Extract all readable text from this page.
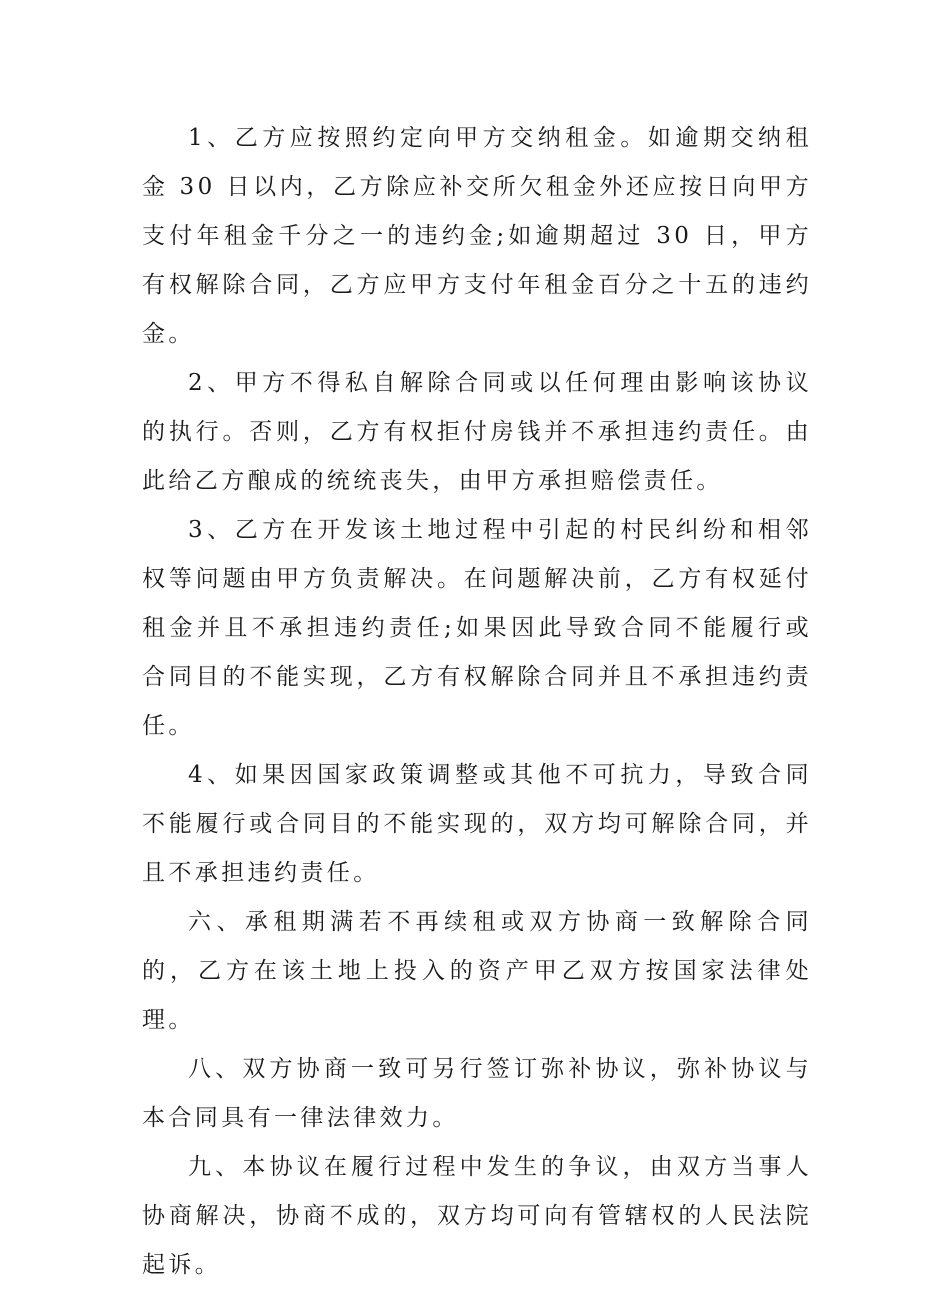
1、乙方应按照约定向甲方交纳租金。如逾期交纳租金 30 日以内，乙方除应补交所欠租金外还应按日向甲方支付年租金千分之一的违约金;如逾期超过 30 日，甲方有权解除合同，乙方应甲方支付年租金百分之十五的违约金。

2、甲方不得私自解除合同或以任何理由影响该协议的执行。否则，乙方有权拒付房钱并不承担违约责任。由此给乙方酿成的统统丧失，由甲方承担赔偿责任。

3、乙方在开发该土地过程中引起的村民纠纷和相邻权等问题由甲方负责解决。在问题解决前，乙方有权延付租金并且不承担违约责任;如果因此导致合同不能履行或合同目的不能实现，乙方有权解除合同并且不承担违约责任。

4、如果因国家政策调整或其他不可抗力，导致合同不能履行或合同目的不能实现的，双方均可解除合同，并且不承担违约责任。

六、承租期满若不再续租或双方协商一致解除合同的，乙方在该土地上投入的资产甲乙双方按国家法律处理。

八、双方协商一致可另行签订弥补协议，弥补协议与本合同具有一律法律效力。

九、本协议在履行过程中发生的争议，由双方当事人协商解决，协商不成的，双方均可向有管辖权的人民法院起诉。
